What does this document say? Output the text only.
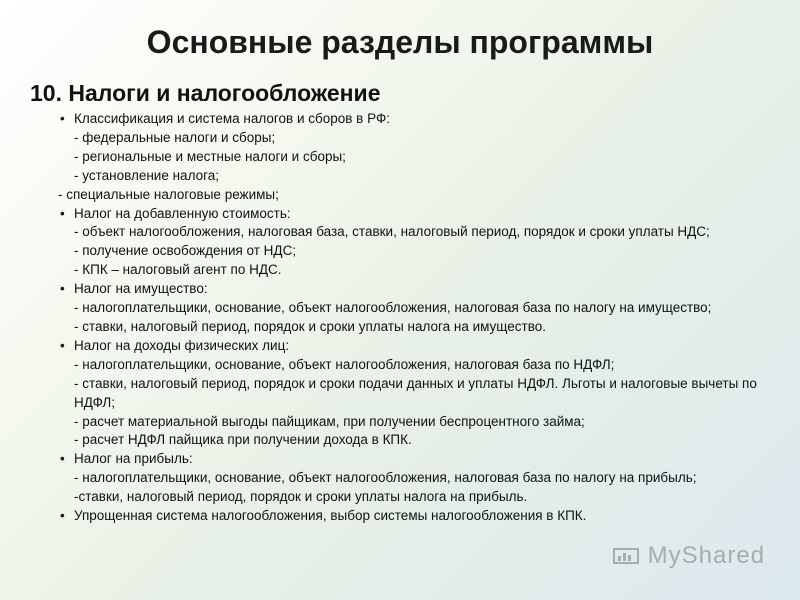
Основные разделы программы
10. Налоги и налогообложение
• Классификация и система налогов и сборов в РФ:
- федеральные налоги и сборы;
- региональные и местные налоги и сборы;
- установление налога;
- специальные налоговые режимы;
• Налог на добавленную стоимость:
- объект налогообложения, налоговая база, ставки, налоговый период, порядок и сроки уплаты НДС;
- получение освобождения от НДС;
- КПК – налоговый агент по НДС.
• Налог на имущество:
- налогоплательщики, основание, объект налогообложения, налоговая база по налогу на имущество;
- ставки, налоговый период, порядок и сроки уплаты налога на имущество.
• Налог на доходы физических лиц:
- налогоплательщики, основание, объект налогообложения, налоговая база по НДФЛ;
- ставки, налоговый период, порядок и сроки подачи данных и уплаты НДФЛ. Льготы и налоговые вычеты по НДФЛ;
- расчет материальной выгоды пайщикам, при получении беспроцентного займа;
- расчет НДФЛ пайщика при получении дохода в КПК.
• Налог на прибыль:
- налогоплательщики, основание, объект налогообложения, налоговая база по налогу на прибыль;
-ставки, налоговый период, порядок и сроки уплаты налога на прибыль.
• Упрощенная система налогообложения, выбор системы налогообложения в КПК.
MyShared
